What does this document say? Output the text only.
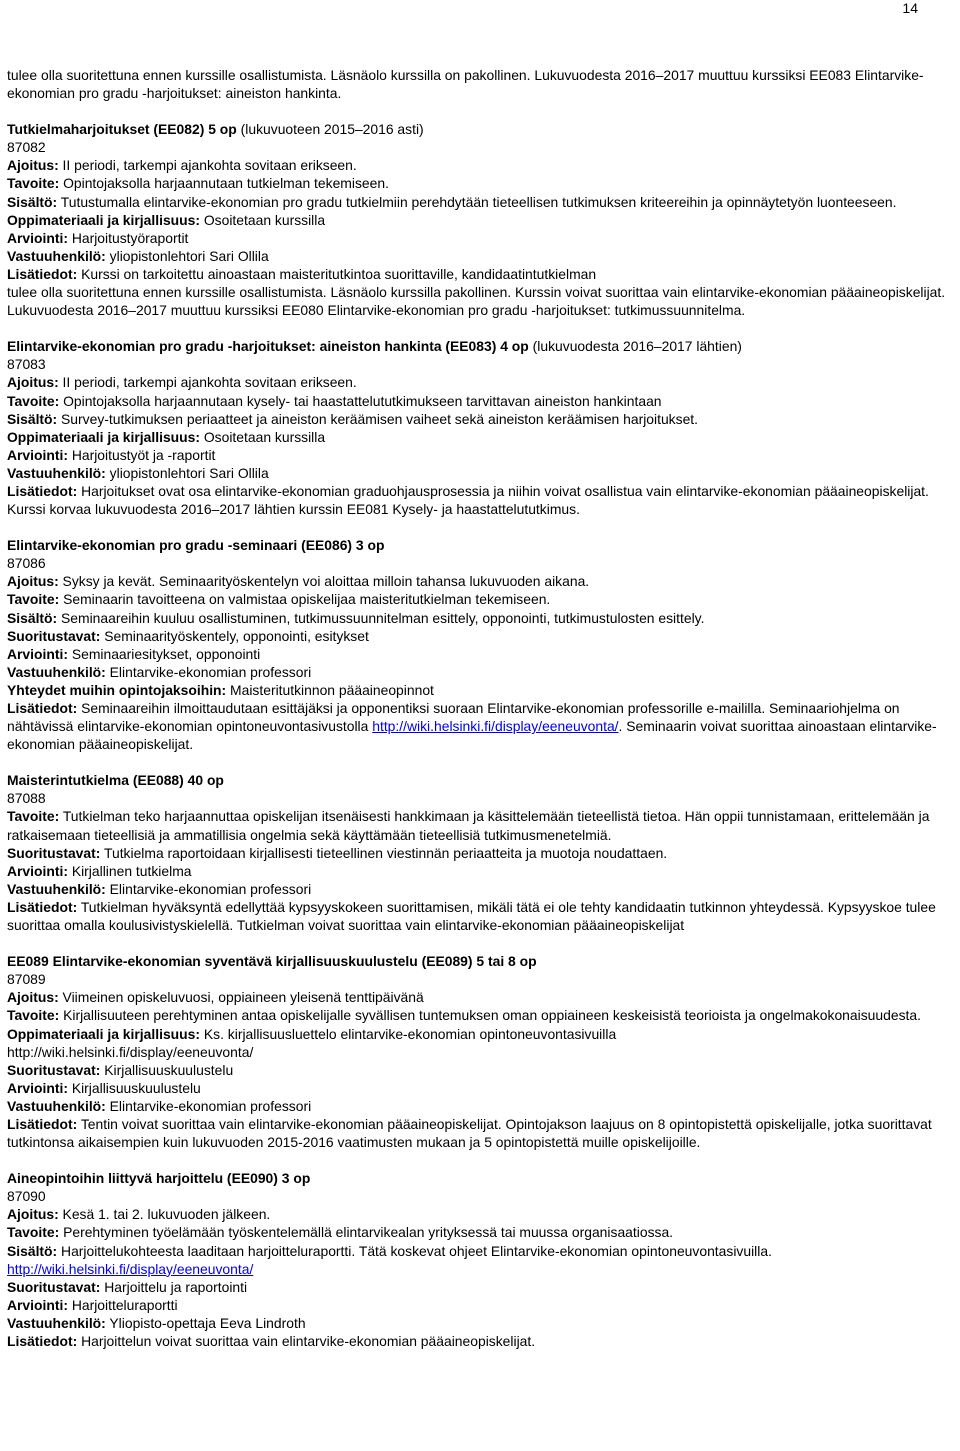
14

tulee olla suoritettuna ennen kurssille osallistumista. Läsnäolo kurssilla on pakollinen. Lukuvuodesta 2016–2017 muuttuu kurssiksi EE083 Elintarvike-ekonomian pro gradu -harjoitukset: aineiston hankinta.

Tutkielmaharjoitukset (EE082) 5 op (lukuvuoteen 2015–2016 asti)

87082

Ajoitus: II periodi, tarkempi ajankohta sovitaan erikseen.

Tavoite: Opintojaksolla harjaannutaan tutkielman tekemiseen.

Sisältö: Tutustumalla elintarvike-ekonomian pro gradu tutkielmiin perehdytään tieteellisen tutkimuksen kriteereihin ja opinnäytetyön luonteeseen.

Oppimateriaali ja kirjallisuus: Osoitetaan kurssilla

Arviointi: Harjoitustyöraportit

Vastuuhenkilö: yliopistonlehtori Sari Ollila

Lisätiedot: Kurssi on tarkoitettu ainoastaan maisteritutkintoa suorittaville, kandidaatintutkielman

tulee olla suoritettuna ennen kurssille osallistumista. Läsnäolo kurssilla pakollinen. Kurssin voivat suorittaa vain elintarvike-ekonomian pääaineopiskelijat. Lukuvuodesta 2016–2017 muuttuu kurssiksi EE080 Elintarvike-ekonomian pro gradu -harjoitukset: tutkimussuunnitelma.

Elintarvike-ekonomian pro gradu -harjoitukset: aineiston hankinta (EE083) 4 op (lukuvuodesta 2016–2017 lähtien)

87083

Ajoitus: II periodi, tarkempi ajankohta sovitaan erikseen.

Tavoite: Opintojaksolla harjaannutaan kysely- tai haastattelututkimukseen tarvittavan aineiston hankintaan

Sisältö: Survey-tutkimuksen periaatteet ja aineiston keräämisen vaiheet sekä aineiston keräämisen harjoitukset.

Oppimateriaali ja kirjallisuus: Osoitetaan kurssilla

Arviointi: Harjoitustyöt ja -raportit

Vastuuhenkilö: yliopistonlehtori Sari Ollila

Lisätiedot: Harjoitukset ovat osa elintarvike-ekonomian graduohjausprosessia ja niihin voivat osallistua vain elintarvike-ekonomian pääaineopiskelijat. Kurssi korvaa lukuvuodesta 2016–2017 lähtien kurssin EE081 Kysely- ja haastattelututkimus.

Elintarvike-ekonomian pro gradu -seminaari (EE086) 3 op

87086

Ajoitus: Syksy ja kevät. Seminaarityöskentelyn voi aloittaa milloin tahansa lukuvuoden aikana.

Tavoite: Seminaarin tavoitteena on valmistaa opiskelijaa maisteritutkielman tekemiseen.

Sisältö: Seminaareihin kuuluu osallistuminen, tutkimussuunnitelman esittely, opponointi, tutkimustulosten esittely.

Suoritustavat: Seminaarityöskentely, opponointi, esitykset

Arviointi: Seminaariesitykset, opponointi

Vastuuhenkilö: Elintarvike-ekonomian professori

Yhteydet muihin opintojaksoihin: Maisteritutkinnon pääaineopinnot

Lisätiedot: Seminaareihin ilmoittaudutaan esittäjäksi ja opponentiksi suoraan Elintarvike-ekonomian professorille e-maililla. Seminaariohjelma on nähtävissä elintarvike-ekonomian opintoneuvontasivustolla http://wiki.helsinki.fi/display/eeneuvonta/. Seminaarin voivat suorittaa ainoastaan elintarvike-ekonomian pääaineopiskelijat.

Maisterintutkielma (EE088) 40 op

87088

Tavoite: Tutkielman teko harjaannuttaa opiskelijan itsenäisesti hankkimaan ja käsittelemään tieteellistä tietoa. Hän oppii tunnistamaan, erittelemään ja ratkaisemaan tieteellisiä ja ammatillisia ongelmia sekä käyttämään tieteellisiä tutkimusmenetelmiä.

Suoritustavat: Tutkielma raportoidaan kirjallisesti tieteellinen viestinnän periaatteita ja muotoja noudattaen.

Arviointi: Kirjallinen tutkielma

Vastuuhenkilö: Elintarvike-ekonomian professori

Lisätiedot: Tutkielman hyväksyntä edellyttää kypsyyskokeen suorittamisen, mikäli tätä ei ole tehty kandidaatin tutkinnon yhteydessä. Kypsyyskoe tulee suorittaa omalla koulusivistyskielellä. Tutkielman voivat suorittaa vain elintarvike-ekonomian pääaineopiskelijat

EE089 Elintarvike-ekonomian syventävä kirjallisuuskuulustelu (EE089) 5 tai 8 op

87089

Ajoitus: Viimeinen opiskeluvuosi, oppiaineen yleisenä tenttipäivänä

Tavoite: Kirjallisuuteen perehtyminen antaa opiskelijalle syvällisen tuntemuksen oman oppiaineen keskeisistä teorioista ja ongelmakokonaisuudesta.

Oppimateriaali ja kirjallisuus: Ks. kirjallisuusluettelo elintarvike-ekonomian opintoneuvontasivuilla

http://wiki.helsinki.fi/display/eeneuvonta/

Suoritustavat: Kirjallisuuskuulustelu

Arviointi: Kirjallisuuskuulustelu

Vastuuhenkilö: Elintarvike-ekonomian professori

Lisätiedot: Tentin voivat suorittaa vain elintarvike-ekonomian pääaineopiskelijat. Opintojakson laajuus on 8 opintopistettä opiskelijalle, jotka suorittavat tutkintonsa aikaisempien kuin lukuvuoden 2015-2016 vaatimusten mukaan ja 5 opintopistettä muille opiskelijoille.

Aineopintoihin liittyvä harjoittelu (EE090) 3 op

87090

Ajoitus: Kesä 1. tai 2. lukuvuoden jälkeen.

Tavoite: Perehtyminen työelämään työskentelemällä elintarvikealan yrityksessä tai muussa organisaatiossa.

Sisältö: Harjoittelukohteesta laaditaan harjoitteluraportti. Tätä koskevat ohjeet Elintarvike-ekonomian opintoneuvontasivuilla.

http://wiki.helsinki.fi/display/eeneuvonta/

Suoritustavat: Harjoittelu ja raportointi

Arviointi: Harjoitteluraportti

Vastuuhenkilö: Yliopisto-opettaja Eeva Lindroth

Lisätiedot: Harjoittelun voivat suorittaa vain elintarvike-ekonomian pääaineopiskelijat.
